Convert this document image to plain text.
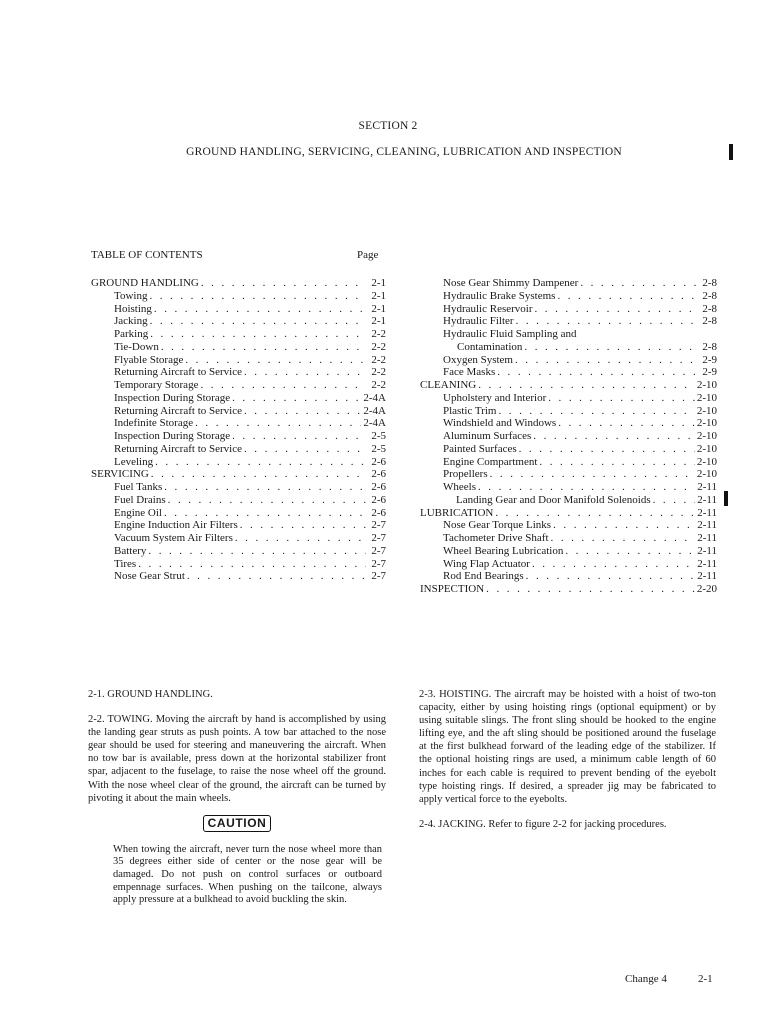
SECTION 2
GROUND HANDLING, SERVICING, CLEANING, LUBRICATION AND INSPECTION
TABLE OF CONTENTS	Page
GROUND HANDLING . . .	2-1
Towing . . .	2-1
Hoisting . . .	2-1
Jacking . . .	2-1
Parking . . .	2-2
Tie-Down . . .	2-2
Flyable Storage . . .	2-2
Returning Aircraft to Service . . .	2-2
Temporary Storage . . .	2-2
Inspection During Storage . . .	2-4A
Returning Aircraft to Service . . .	2-4A
Indefinite Storage . . .	2-4A
Inspection During Storage . . .	2-5
Returning Aircraft to Service . . .	2-5
Leveling . . .	2-6
SERVICING . . .	2-6
Fuel Tanks . . .	2-6
Fuel Drains . . .	2-6
Engine Oil . . .	2-6
Engine Induction Air Filters . . .	2-7
Vacuum System Air Filters . . .	2-7
Battery . . .	2-7
Tires . . .	2-7
Nose Gear Strut . . .	2-7
Nose Gear Shimmy Dampener . . .	2-8
Hydraulic Brake Systems . . .	2-8
Hydraulic Reservoir . . .	2-8
Hydraulic Filter . . .	2-8
Hydraulic Fluid Sampling and
Contamination . . .	2-8
Oxygen System . . .	2-9
Face Masks . . .	2-9
CLEANING . . .	2-10
Upholstery and Interior . . .	2-10
Plastic Trim . . .	2-10
Windshield and Windows . . .	2-10
Aluminum Surfaces . . .	2-10
Painted Surfaces . . .	2-10
Engine Compartment . . .	2-10
Propellers . . .	2-10
Wheels . . .	2-11
Landing Gear and Door Manifold Solenoids . . .	2-11
LUBRICATION . . .	2-11
Nose Gear Torque Links . . .	2-11
Tachometer Drive Shaft . . .	2-11
Wheel Bearing Lubrication . . .	2-11
Wing Flap Actuator . . .	2-11
Rod End Bearings . . .	2-11
INSPECTION . . .	2-20

2-1. GROUND HANDLING.

2-2. TOWING. Moving the aircraft by hand is accomplished by using the landing gear struts as push points. A tow bar attached to the nose gear should be used for steering and maneuvering the aircraft. When no tow bar is available, press down at the horizontal stabilizer front spar, adjacent to the fuselage, to raise the nose wheel off the ground. With the nose wheel clear of the ground, the aircraft can be turned by pivoting it about the main wheels.

CAUTION

When towing the aircraft, never turn the nose wheel more than 35 degrees either side of center or the nose gear will be damaged. Do not push on control surfaces or outboard empennage surfaces. When pushing on the tailcone, always apply pressure at a bulkhead to avoid buckling the skin.

2-3. HOISTING. The aircraft may be hoisted with a hoist of two-ton capacity, either by using hoisting rings (optional equipment) or by using suitable slings. The front sling should be hooked to the engine lifting eye, and the aft sling should be positioned around the fuselage at the first bulkhead forward of the leading edge of the stabilizer. If the optional hoisting rings are used, a minimum cable length of 60 inches for each cable is required to prevent bending of the eyebolt type hoisting rings. If desired, a spreader jig may be fabricated to apply vertical force to the eyebolts.

2-4. JACKING. Refer to figure 2-2 for jacking procedures.

Change 4	2-1
